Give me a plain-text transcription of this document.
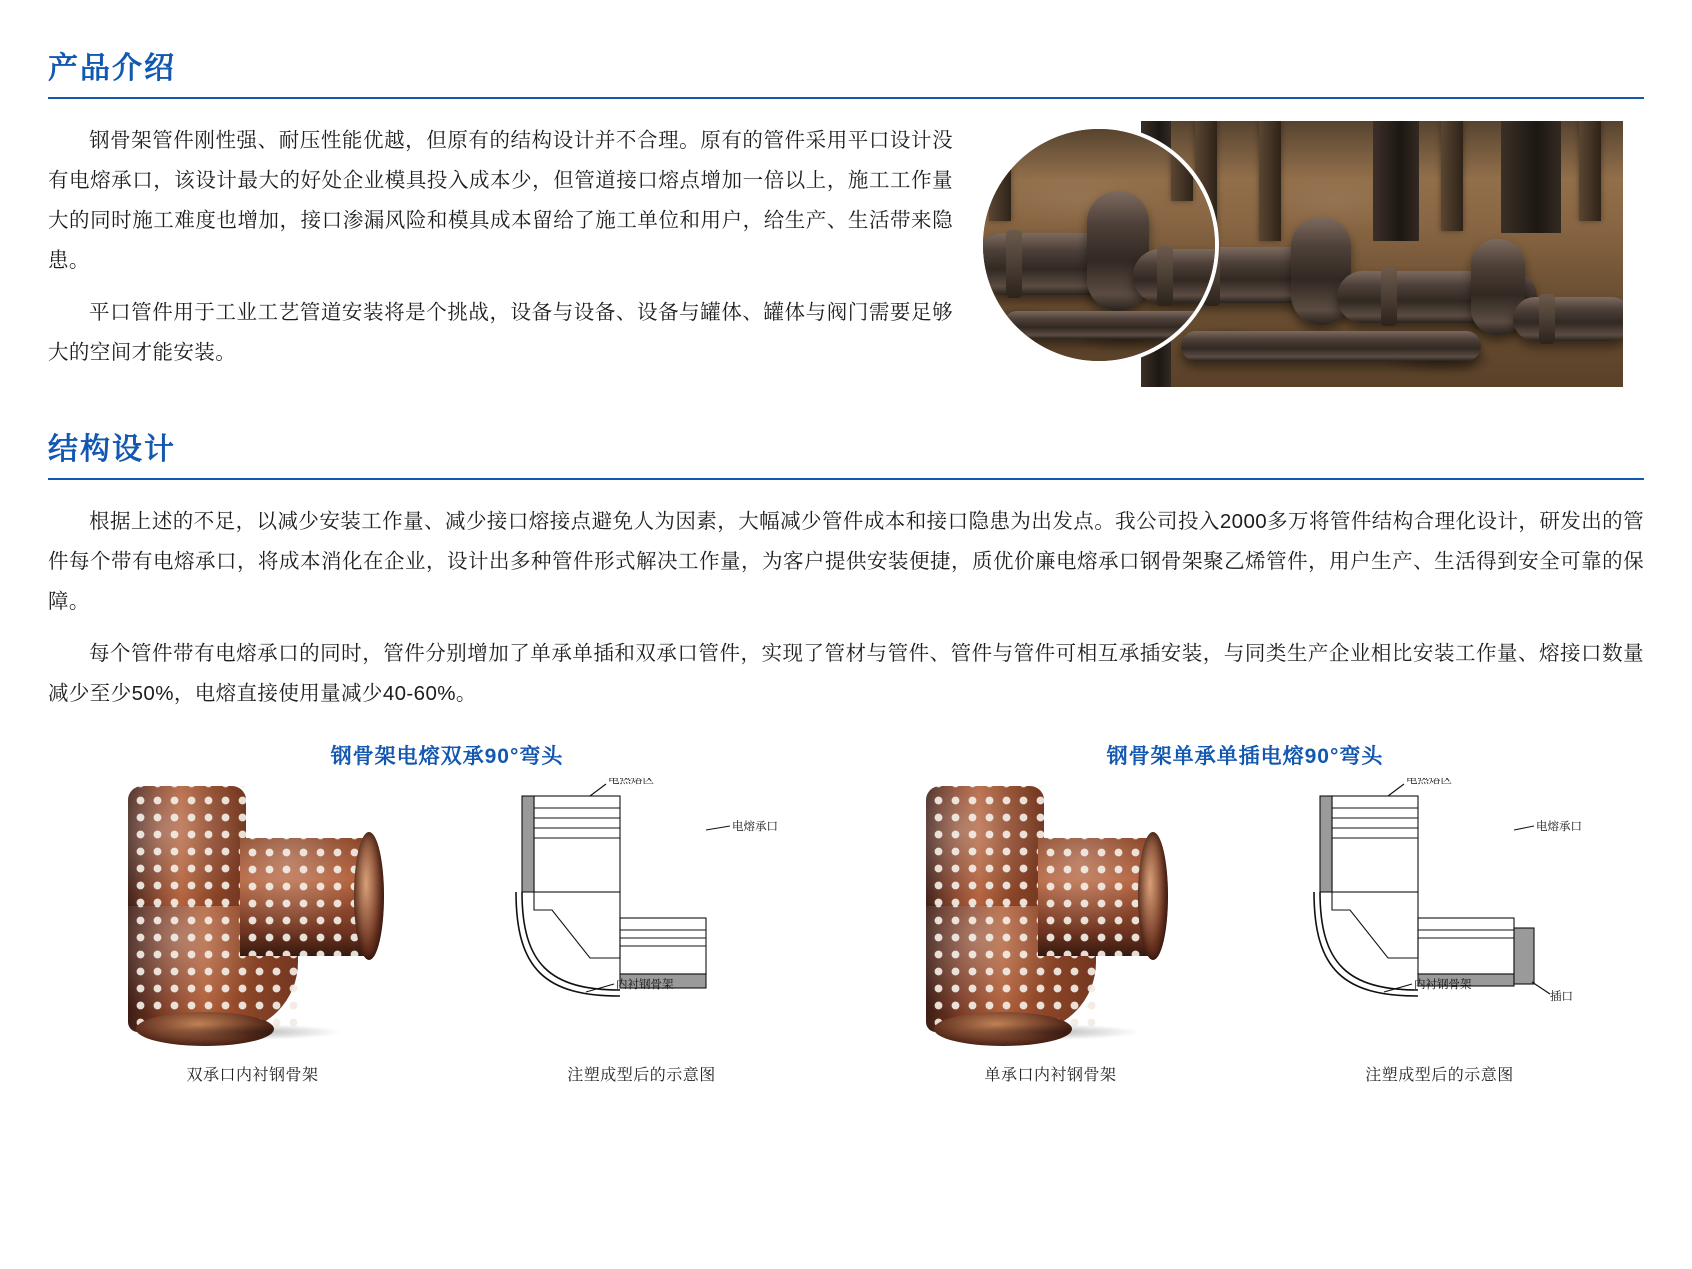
产品介绍

钢骨架管件刚性强、耐压性能优越，但原有的结构设计并不合理。原有的管件采用平口设计没有电熔承口，该设计最大的好处企业模具投入成本少，但管道接口熔点增加一倍以上，施工工作量大的同时施工难度也增加，接口渗漏风险和模具成本留给了施工单位和用户，给生产、生活带来隐患。

平口管件用于工业工艺管道安装将是个挑战，设备与设备、设备与罐体、罐体与阀门需要足够大的空间才能安装。

结构设计

根据上述的不足，以减少安装工作量、减少接口熔接点避免人为因素，大幅减少管件成本和接口隐患为出发点。我公司投入2000多万将管件结构合理化设计，研发出的管件每个带有电熔承口，将成本消化在企业，设计出多种管件形式解决工作量，为客户提供安装便捷，质优价廉电熔承口钢骨架聚乙烯管件，用户生产、生活得到安全可靠的保障。

每个管件带有电熔承口的同时，管件分别增加了单承单插和双承口管件，实现了管材与管件、管件与管件可相互承插安装，与同类生产企业相比安装工作量、熔接口数量减少至少50%，电熔直接使用量减少40-60%。

钢骨架电熔双承90°弯头
电热熔区
电熔承口
内衬钢骨架
双承口内衬钢骨架	注塑成型后的示意图
钢骨架单承单插电熔90°弯头
电热熔区
电熔承口
内衬钢骨架
插口
单承口内衬钢骨架	注塑成型后的示意图
